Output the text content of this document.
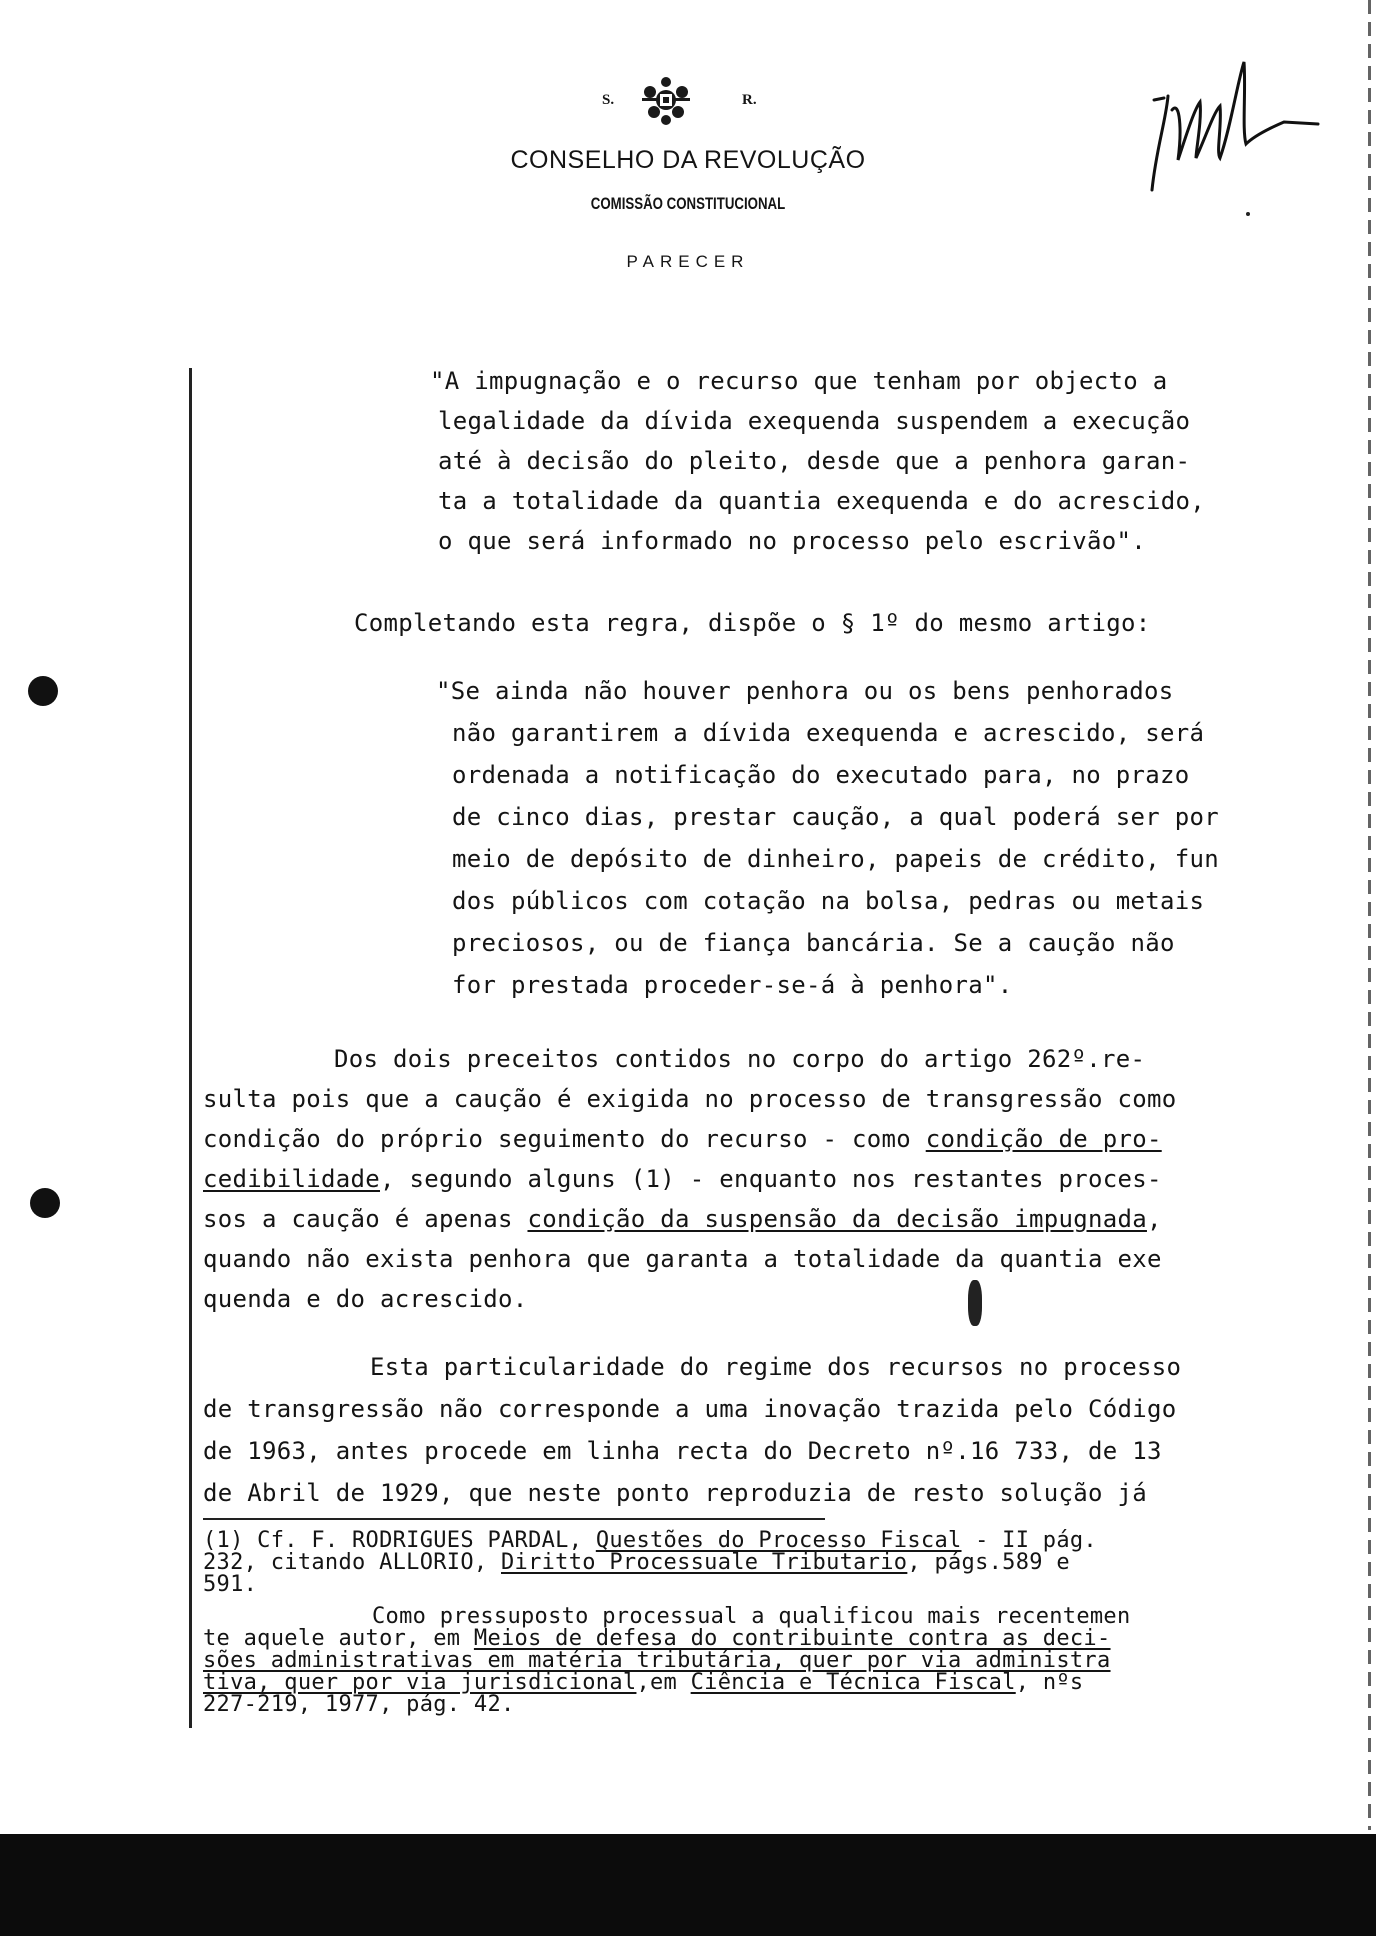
S.	R.
CONSELHO DA REVOLUÇÃO
COMISSÃO CONSTITUCIONAL
PARECER
"A impugnação e o recurso que tenham por objecto a
legalidade da dívida exequenda suspendem a execução
até à decisão do pleito, desde que a penhora garan-
ta a totalidade da quantia exequenda e do acrescido,
o que será informado no processo pelo escrivão".
Completando esta regra, dispõe o § 1º do mesmo artigo:
"Se ainda não houver penhora ou os bens penhorados
não garantirem a dívida exequenda e acrescido, será
ordenada a notificação do executado para, no prazo
de cinco dias, prestar caução, a qual poderá ser por
meio de depósito de dinheiro, papeis de crédito, fun
dos públicos com cotação na bolsa, pedras ou metais
preciosos, ou de fiança bancária. Se a caução não
for prestada proceder-se-á à penhora".
Dos dois preceitos contidos no corpo do artigo 262º.re-
sulta pois que a caução é exigida no processo de transgressão como
condição do próprio seguimento do recurso - como condição de pro-
cedibilidade, segundo alguns (1) - enquanto nos restantes proces-
sos a caução é apenas condição da suspensão da decisão impugnada,
quando não exista penhora que garanta a totalidade da quantia exe
quenda e do acrescido.
Esta particularidade do regime dos recursos no processo
de transgressão não corresponde a uma inovação trazida pelo Código
de 1963, antes procede em linha recta do Decreto nº.16 733, de 13
de Abril de 1929, que neste ponto reproduzia de resto solução já
(1) Cf. F. RODRIGUES PARDAL, Questões do Processo Fiscal - II pág.
232, citando ALLORIO, Diritto Processuale Tributario, págs.589 e
591.
Como pressuposto processual a qualificou mais recentemen
te aquele autor, em Meios de defesa do contribuinte contra as deci-
sões administrativas em matéria tributária, quer por via administra
tiva, quer por via jurisdicional,em Ciência e Técnica Fiscal, nºs
227-219, 1977, pág. 42.
